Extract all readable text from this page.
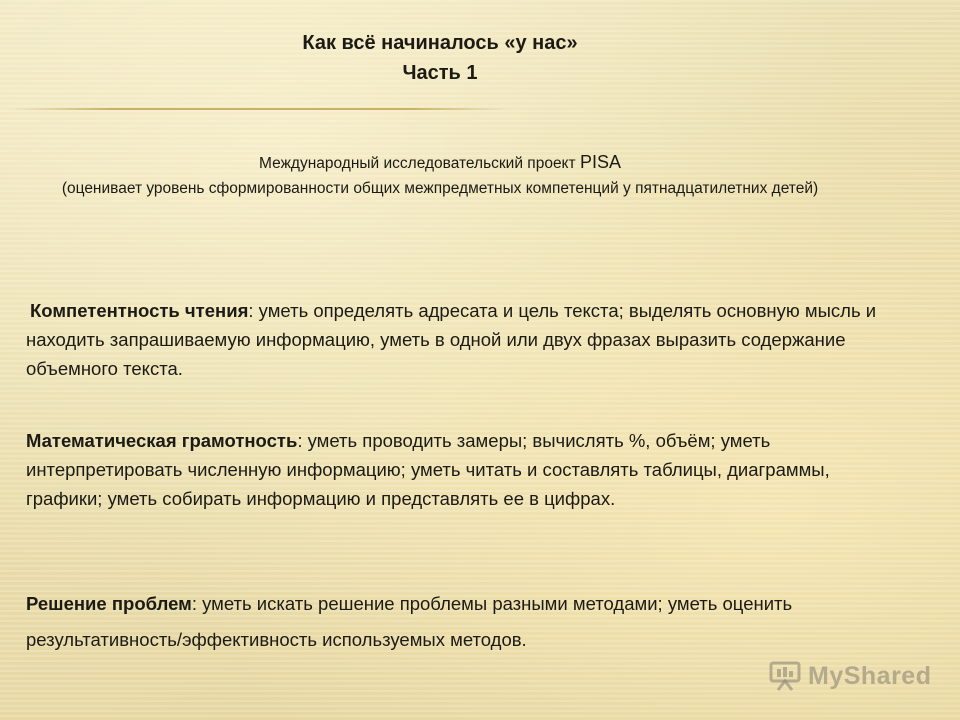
Как всё начиналось «у нас»
Часть 1
Международный исследовательский проект PISA
(оценивает уровень сформированности общих межпредметных компетенций у пятнадцатилетних детей)
Компетентность чтения: уметь определять адресата и цель текста; выделять основную мысль и находить запрашиваемую информацию, уметь в одной или двух фразах выразить содержание объемного текста.
Математическая грамотность: уметь проводить замеры; вычислять %, объём; уметь интерпретировать численную информацию; уметь читать и составлять таблицы, диаграммы, графики; уметь собирать информацию и представлять ее в цифрах.
Решение проблем: уметь искать решение проблемы разными методами; уметь оценить результативность/эффективность используемых методов.
MyShared
